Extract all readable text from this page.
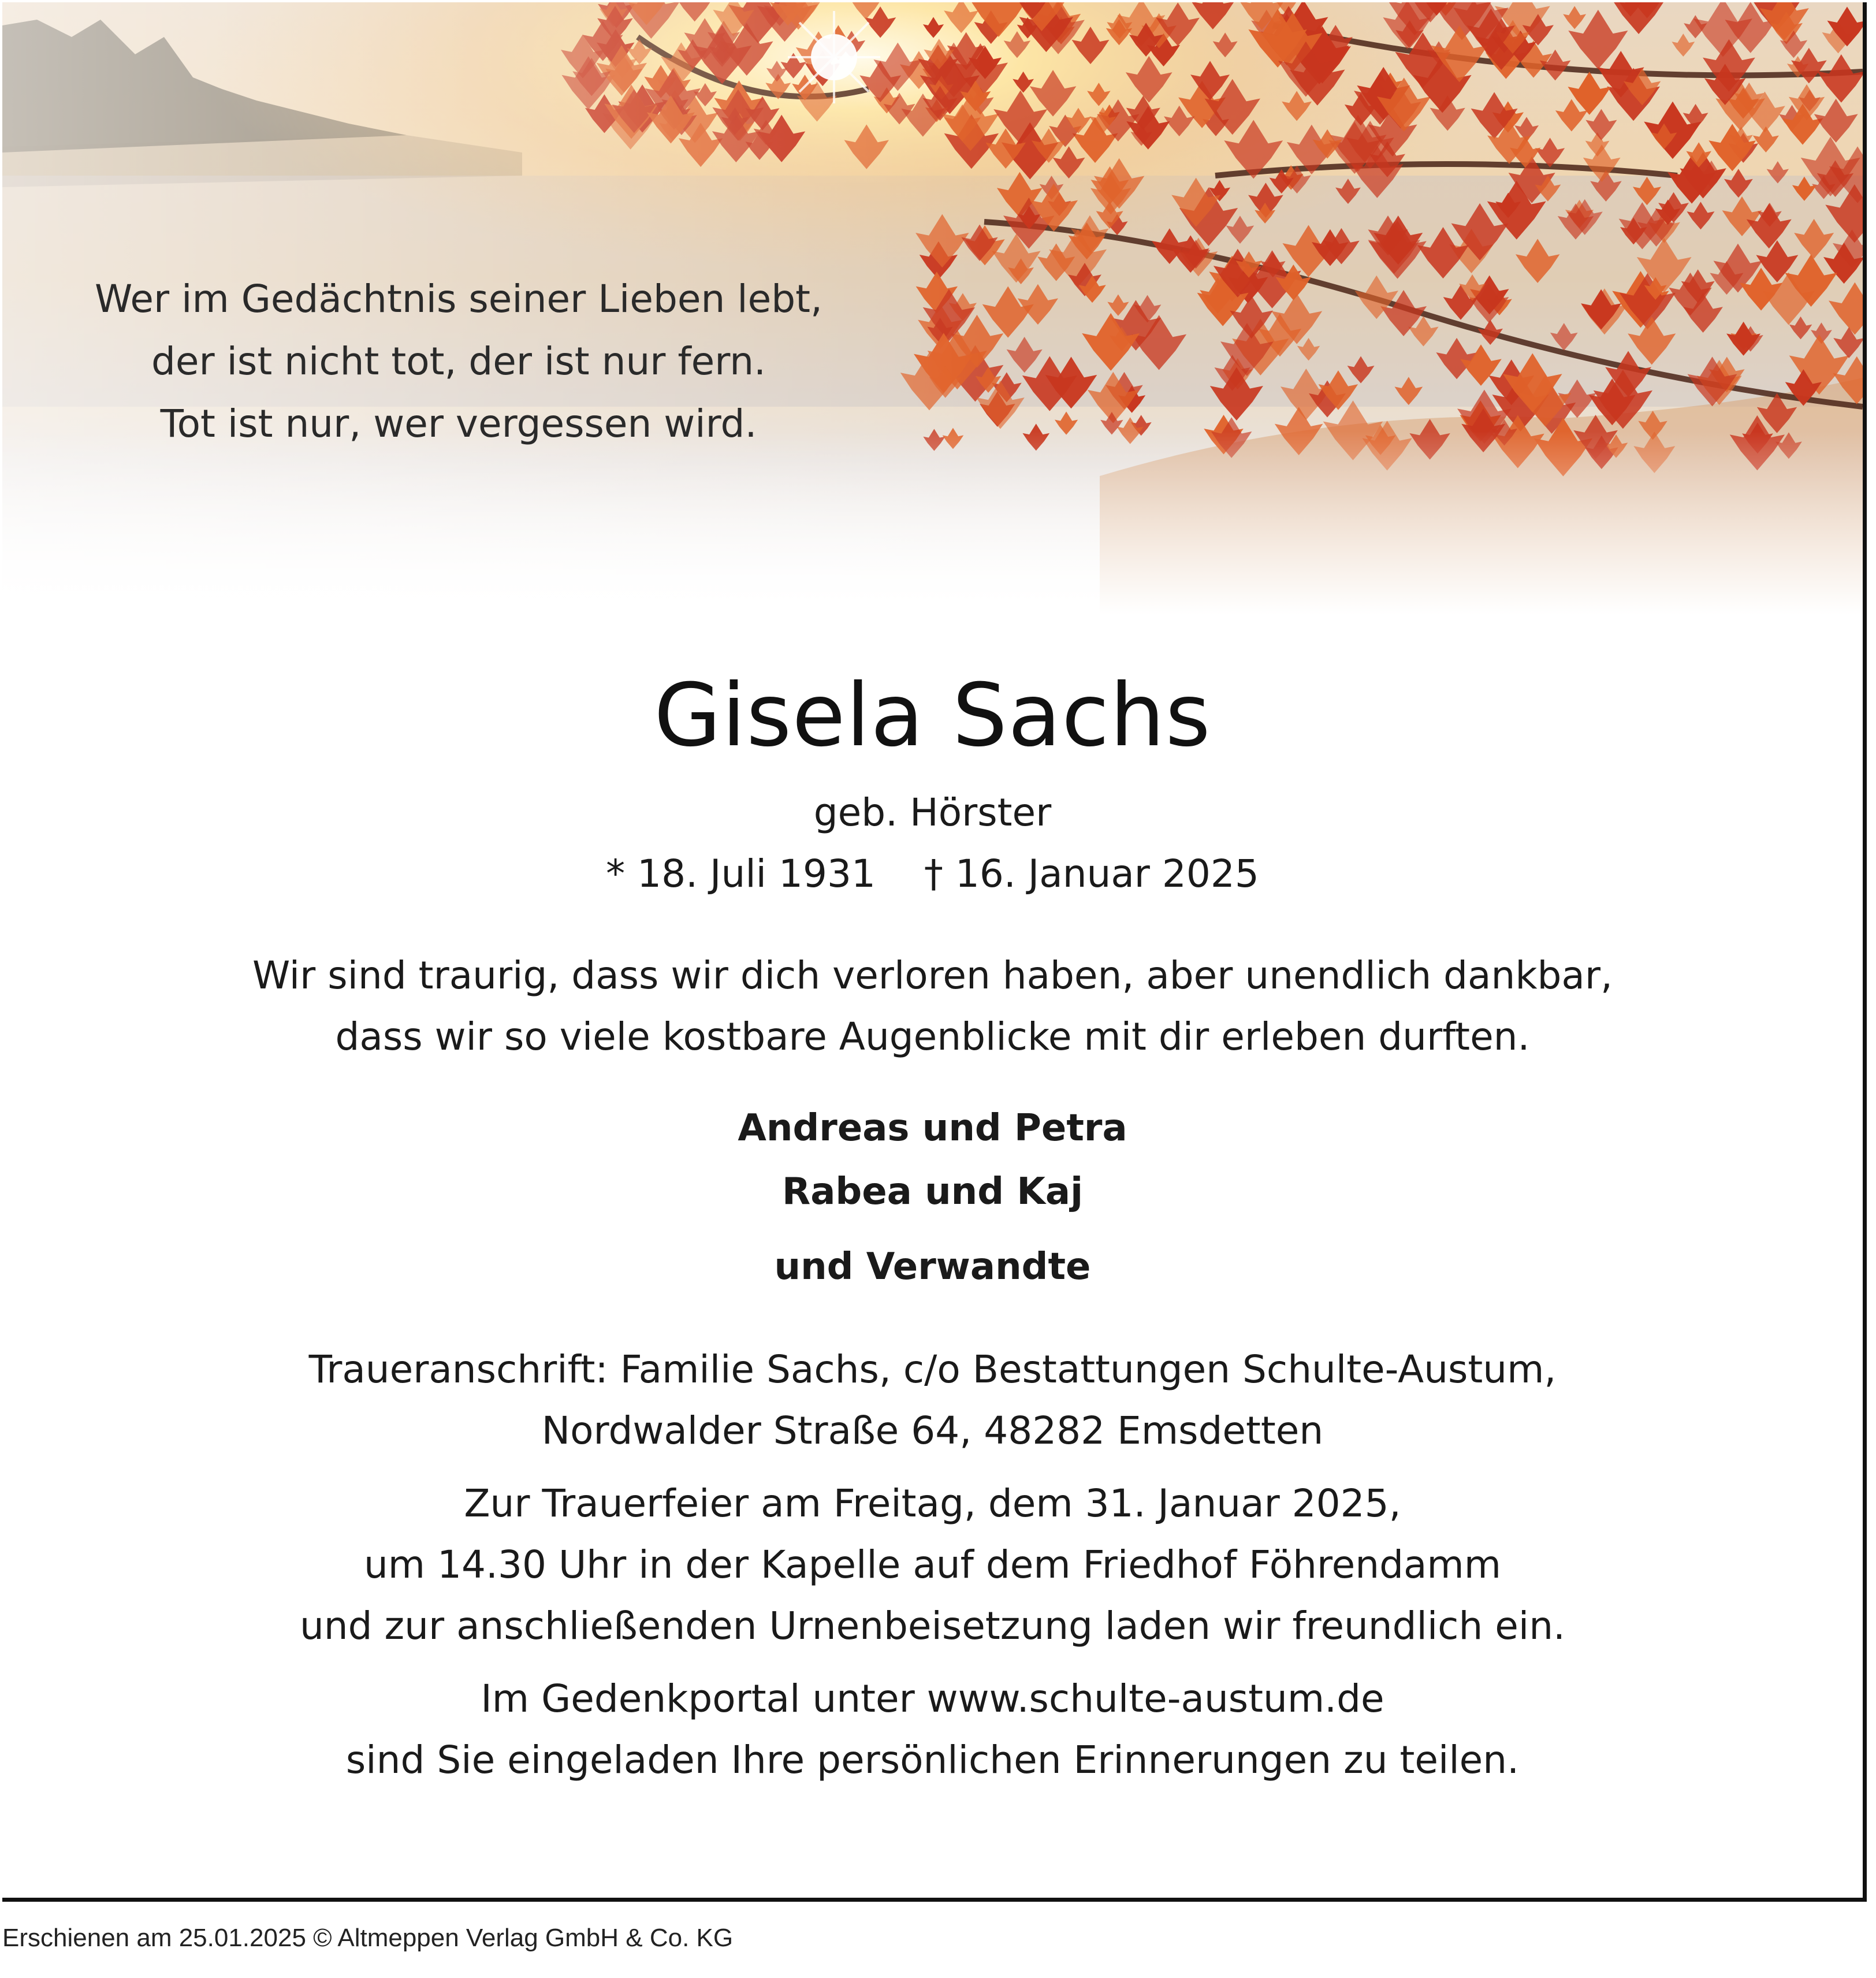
Wer im Gedächtnis seiner Lieben lebt,
der ist nicht tot, der ist nur fern.
Tot ist nur, wer vergessen wird.
Gisela Sachs
geb. Hörster
* 18. Juli 1931    † 16. Januar 2025
Wir sind traurig, dass wir dich verloren haben, aber unendlich dankbar,
dass wir so viele kostbare Augenblicke mit dir erleben durften.
Andreas und Petra
Rabea und Kaj
und Verwandte
Traueranschrift: Familie Sachs, c/o Bestattungen Schulte-Austum,
Nordwalder Straße 64, 48282 Emsdetten
Zur Trauerfeier am Freitag, dem 31. Januar 2025,
um 14.30 Uhr in der Kapelle auf dem Friedhof Föhrendamm
und zur anschließenden Urnenbeisetzung laden wir freundlich ein.
Im Gedenkportal unter www.schulte-austum.de
sind Sie eingeladen Ihre persönlichen Erinnerungen zu teilen.
Erschienen am 25.01.2025 © Altmeppen Verlag GmbH & Co. KG
